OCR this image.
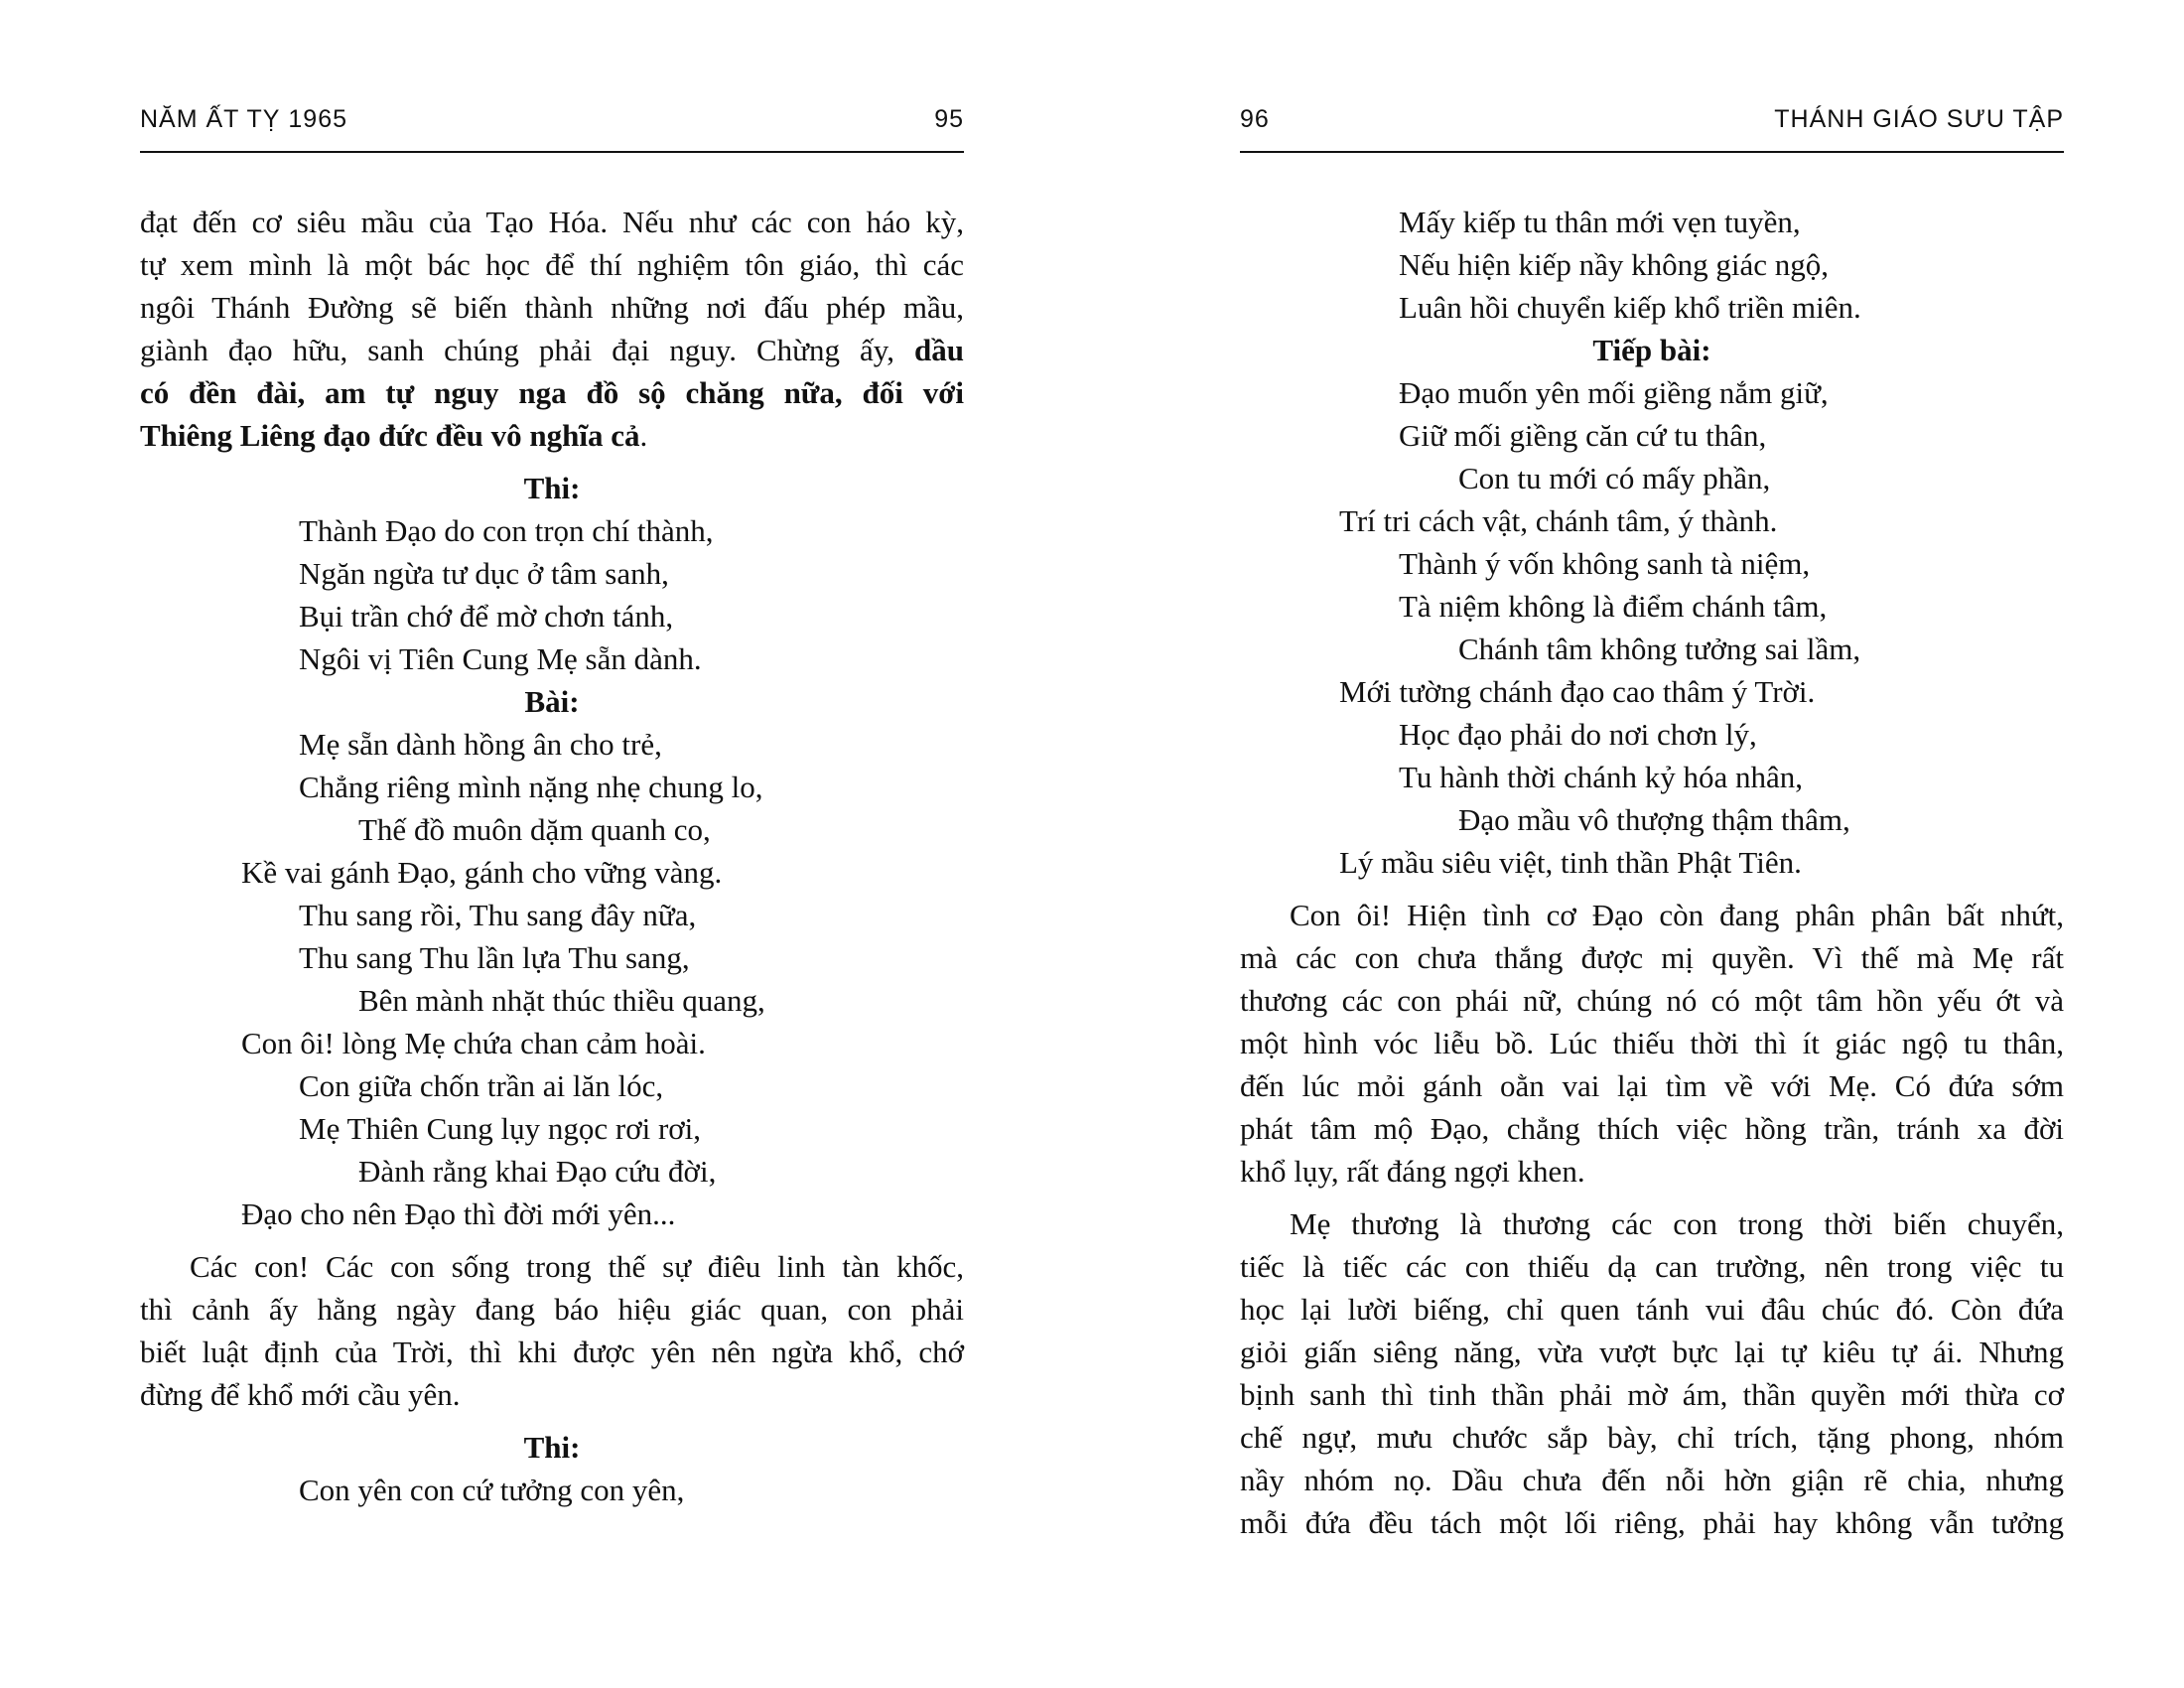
NĂM ẤT TỴ 1965	95
đạt đến cơ siêu mầu của Tạo Hóa. Nếu như các con háo kỳ,
tự xem mình là một bác học để thí nghiệm tôn giáo, thì các
ngôi Thánh Đường sẽ biến thành những nơi đấu phép mầu,
giành đạo hữu, sanh chúng phải đại nguy. Chừng ấy, dầu
có đền đài, am tự nguy nga đồ sộ chăng nữa, đối với
Thiêng Liêng đạo đức đều vô nghĩa cả.
Thi:
Thành Đạo do con trọn chí thành,
Ngăn ngừa tư dục ở tâm sanh,
Bụi trần chớ để mờ chơn tánh,
Ngôi vị Tiên Cung Mẹ sẵn dành.
Bài:
Mẹ sẵn dành hồng ân cho trẻ,
Chẳng riêng mình nặng nhẹ chung lo,
Thế đồ muôn dặm quanh co,
Kề vai gánh Đạo, gánh cho vững vàng.
Thu sang rồi, Thu sang đây nữa,
Thu sang Thu lần lựa Thu sang,
Bên mành nhặt thúc thiều quang,
Con ôi! lòng Mẹ chứa chan cảm hoài.
Con giữa chốn trần ai lăn lóc,
Mẹ Thiên Cung lụy ngọc rơi rơi,
Đành rằng khai Đạo cứu đời,
Đạo cho nên Đạo thì đời mới yên...
Các con! Các con sống trong thế sự điêu linh tàn khốc,
thì cảnh ấy hằng ngày đang báo hiệu giác quan, con phải
biết luật định của Trời, thì khi được yên nên ngừa khổ, chớ
đừng để khổ mới cầu yên.
Thi:
Con yên con cứ tưởng con yên,
96	THÁNH GIÁO SƯU TẬP
Mấy kiếp tu thân mới vẹn tuyền,
Nếu hiện kiếp nầy không giác ngộ,
Luân hồi chuyển kiếp khổ triền miên.
Tiếp bài:
Đạo muốn yên mối giềng nắm giữ,
Giữ mối giềng căn cứ tu thân,
Con tu mới có mấy phần,
Trí tri cách vật, chánh tâm, ý thành.
Thành ý vốn không sanh tà niệm,
Tà niệm không là điểm chánh tâm,
Chánh tâm không tưởng sai lầm,
Mới tường chánh đạo cao thâm ý Trời.
Học đạo phải do nơi chơn lý,
Tu hành thời chánh kỷ hóa nhân,
Đạo mầu vô thượng thậm thâm,
Lý mầu siêu việt, tinh thần Phật Tiên.
Con ôi! Hiện tình cơ Đạo còn đang phân phân bất nhứt,
mà các con chưa thắng được mị quyền. Vì thế mà Mẹ rất
thương các con phái nữ, chúng nó có một tâm hồn yếu ớt và
một hình vóc liễu bồ. Lúc thiếu thời thì ít giác ngộ tu thân,
đến lúc mỏi gánh oằn vai lại tìm về với Mẹ. Có đứa sớm
phát tâm mộ Đạo, chẳng thích việc hồng trần, tránh xa đời
khổ lụy, rất đáng ngợi khen.
Mẹ thương là thương các con trong thời biến chuyển,
tiếc là tiếc các con thiếu dạ can trường, nên trong việc tu
học lại lười biếng, chỉ quen tánh vui đâu chúc đó. Còn đứa
giỏi giấn siêng năng, vừa vượt bực lại tự kiêu tự ái. Nhưng
bịnh sanh thì tinh thần phải mờ ám, thần quyền mới thừa cơ
chế ngự, mưu chước sắp bày, chỉ trích, tặng phong, nhóm
nầy nhóm nọ. Dầu chưa đến nỗi hờn giận rẽ chia, nhưng
mỗi đứa đều tách một lối riêng, phải hay không vẫn tưởng
